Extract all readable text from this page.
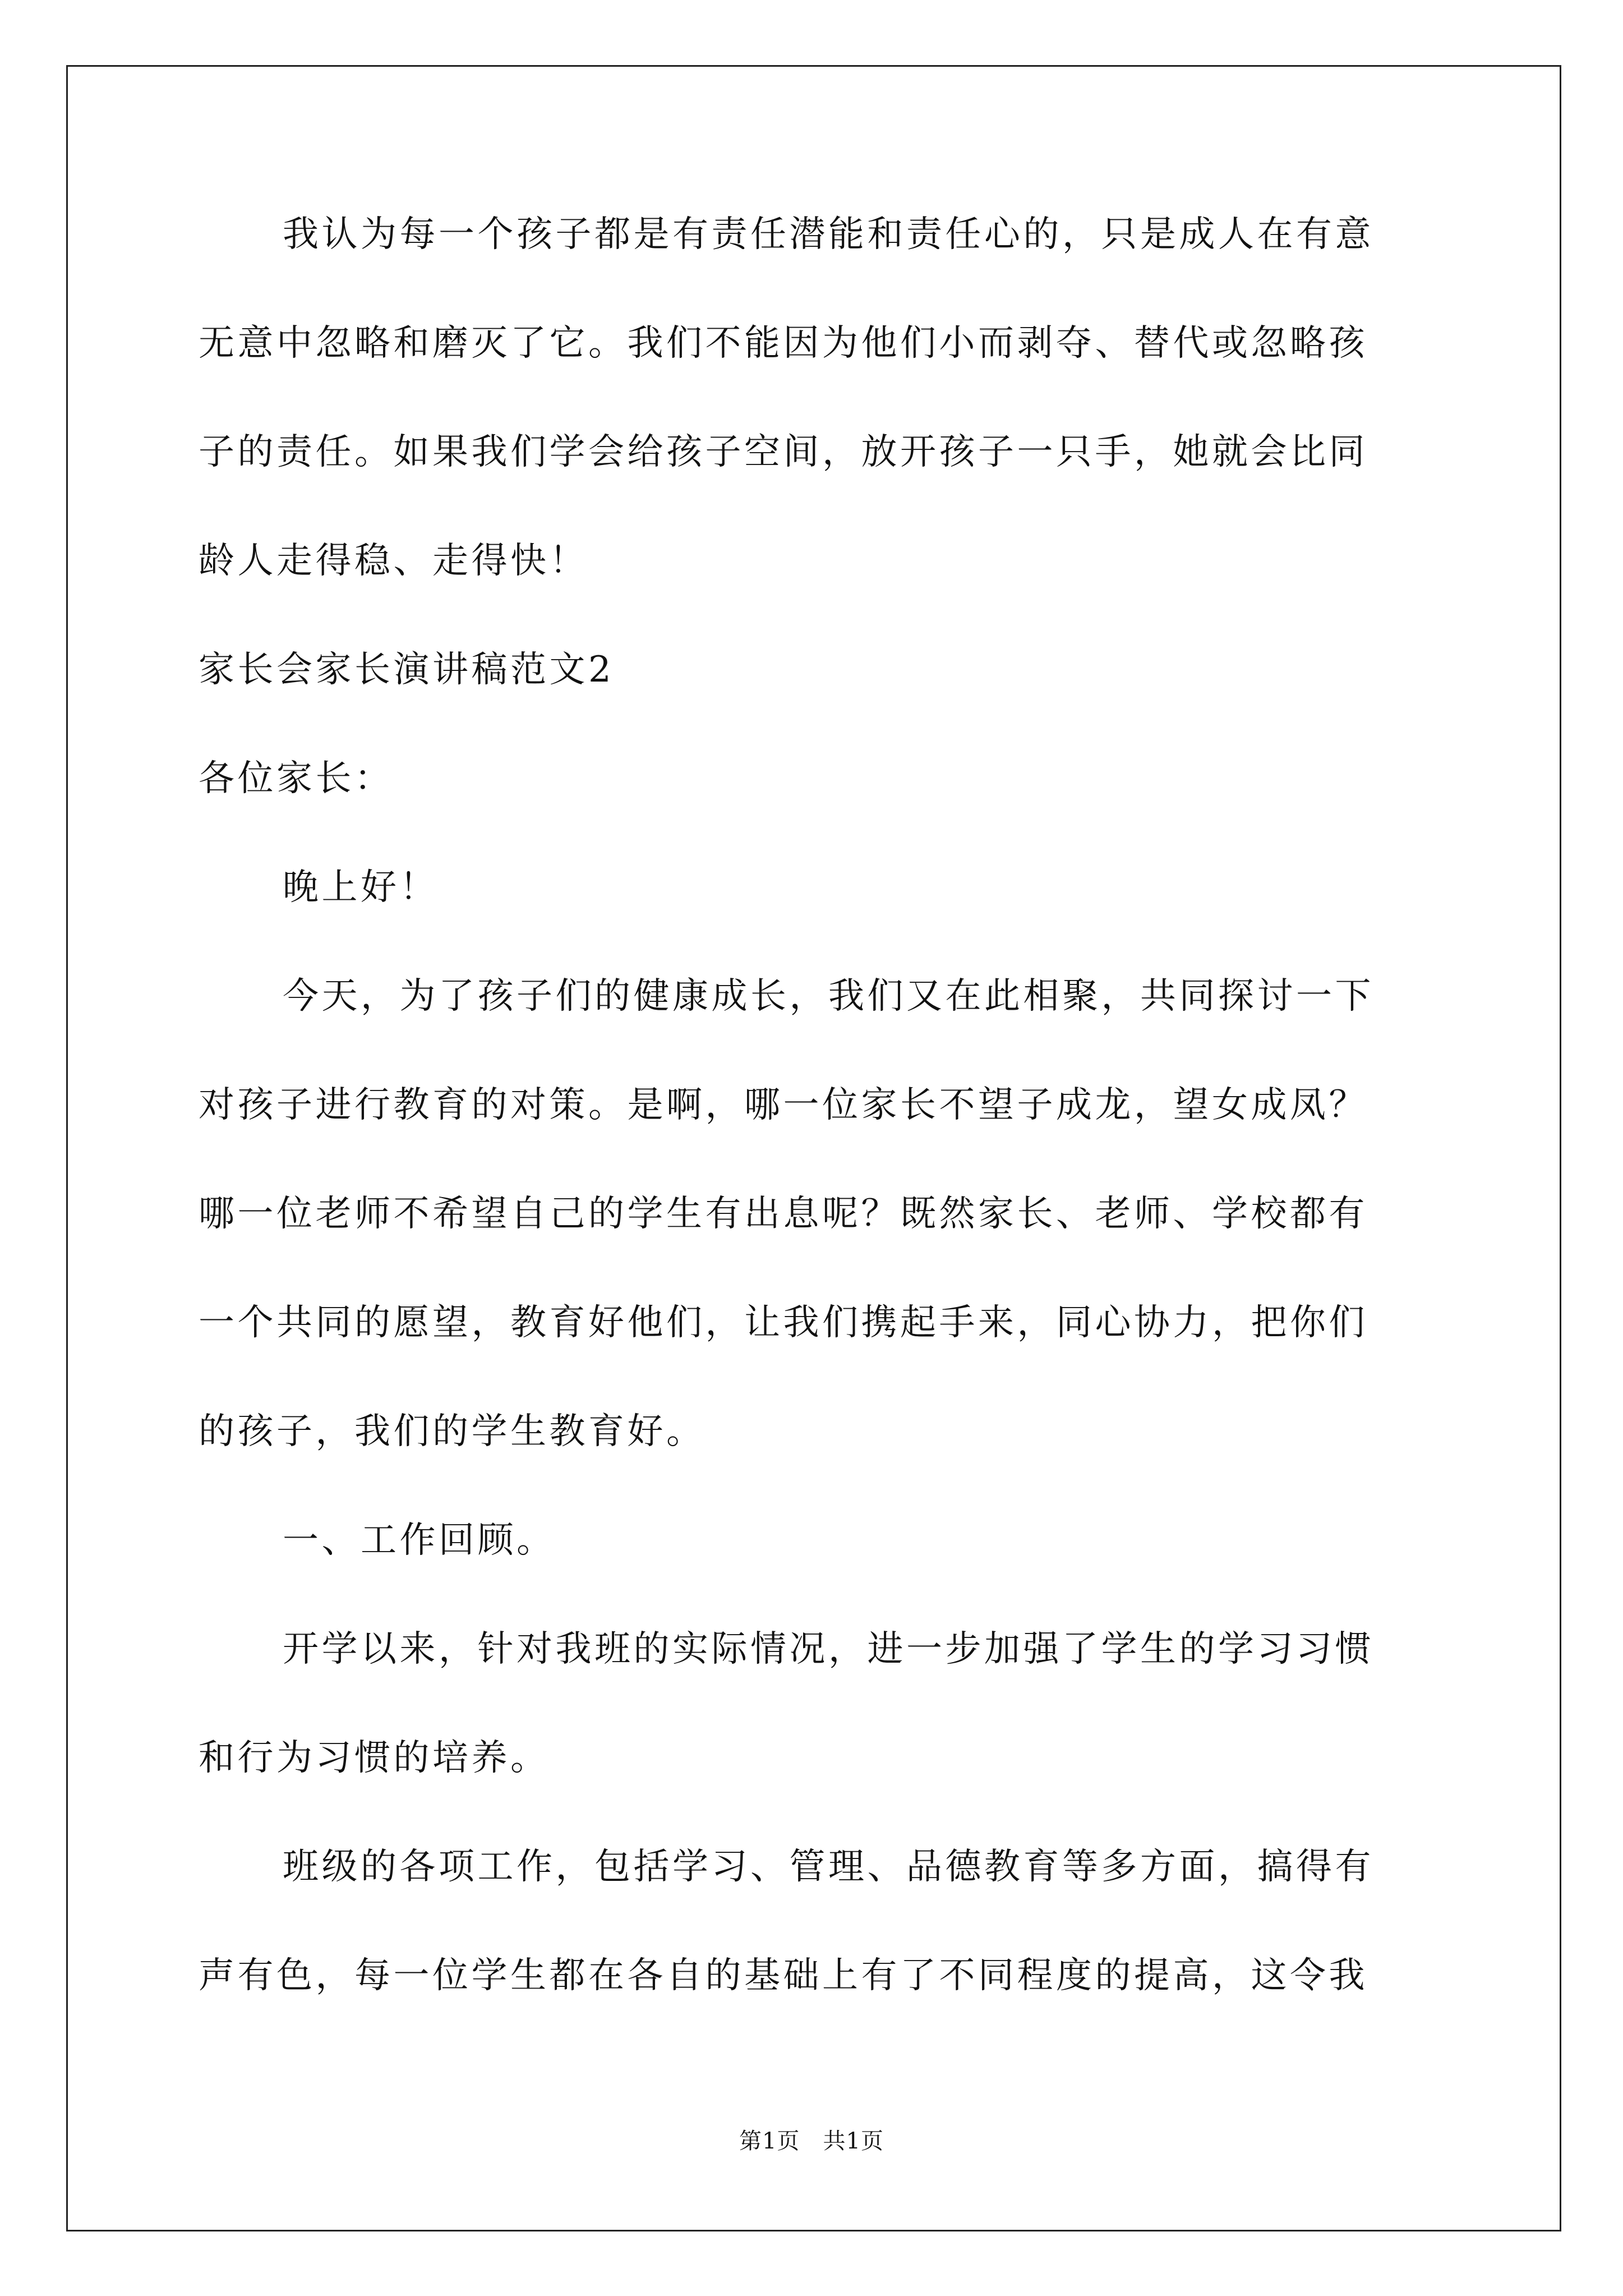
我认为每一个孩子都是有责任潜能和责任心的，只是成人在有意
无意中忽略和磨灭了它。我们不能因为他们小而剥夺、替代或忽略孩
子的责任。如果我们学会给孩子空间，放开孩子一只手，她就会比同
龄人走得稳、走得快！
家长会家长演讲稿范文2
各位家长：
晚上好！
今天，为了孩子们的健康成长，我们又在此相聚，共同探讨一下
对孩子进行教育的对策。是啊，哪一位家长不望子成龙，望女成凤？
哪一位老师不希望自己的学生有出息呢？既然家长、老师、学校都有
一个共同的愿望，教育好他们，让我们携起手来，同心协力，把你们
的孩子，我们的学生教育好。
一、工作回顾。
开学以来，针对我班的实际情况，进一步加强了学生的学习习惯
和行为习惯的培养。
班级的各项工作，包括学习、管理、品德教育等多方面，搞得有
声有色，每一位学生都在各自的基础上有了不同程度的提高，这令我
第1页   共1页
